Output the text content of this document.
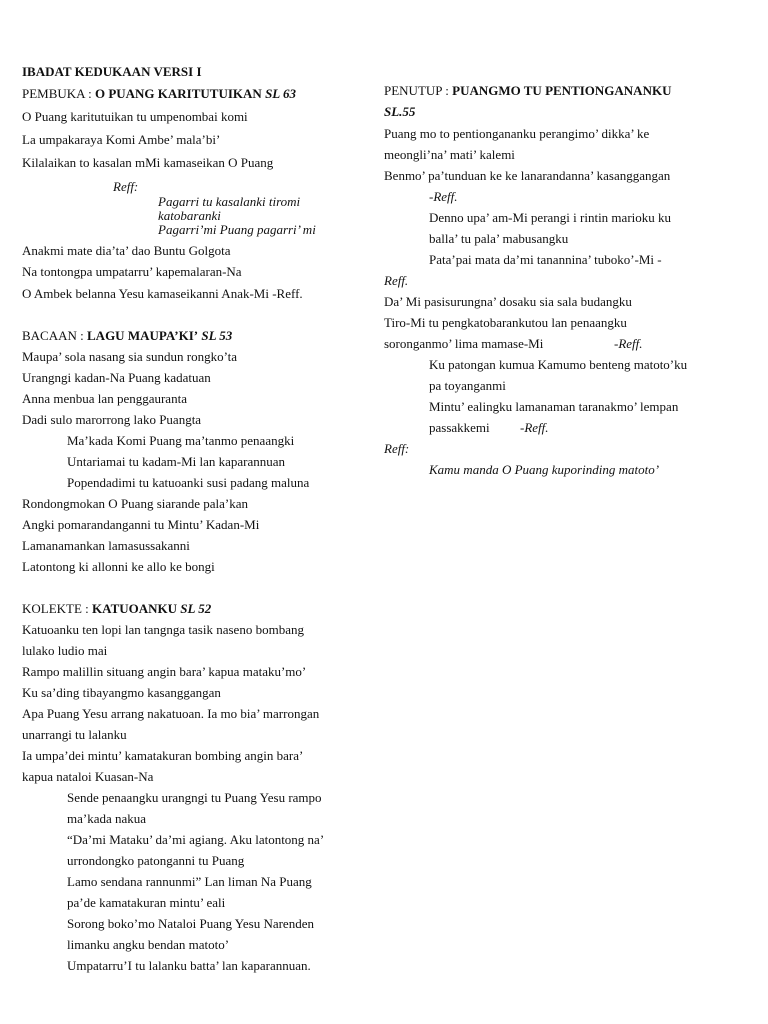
IBADAT KEDUKAAN VERSI I
PEMBUKA : O PUANG KARITUTUIKAN SL 63
O Puang karitutuikan tu umpenombai komi
La umpakaraya Komi Ambe’ mala’bi’
Kilalaikan to kasalan mMi kamaseikan O Puang
Reff:
Pagarri tu kasalanki tiromi
katobaranki
Pagarri’mi Puang pagarri’ mi
Anakmi mate dia’ta’ dao Buntu Golgota
Na tontongpa umpatarru’ kapemalaran-Na
O Ambek belanna Yesu kamaseikanni Anak-Mi -Reff.
BACAAN : LAGU MAUPA’KI’ SL 53
Maupa’ sola nasang sia sundun rongko’ta
Urangngi kadan-Na Puang kadatuan
Anna menbua lan penggauranta
Dadi sulo marorrong lako Puangta
Ma’kada Komi Puang ma’tanmo penaangki
Untariamai tu kadam-Mi lan kaparannuan
Popendadimi tu katuoanki susi padang maluna
Rondongmokan O Puang siarande pala’kan
Angki pomarandanganni tu Mintu’ Kadan-Mi
Lamanamankan lamasussakanni
Latontong ki allonni ke allo ke bongi
KOLEKTE : KATUOANKU SL 52
Katuoanku ten lopi lan tangnga tasik naseno bombang
lulako ludio mai
Rampo malillin situang angin bara’ kapua mataku’mo’
Ku sa’ding tibayangmo kasanggangan
Apa Puang Yesu arrang nakatuoan. Ia mo bia’ marrongan
unarrangi tu lalanku
Ia umpa’dei mintu’ kamatakuran bombing angin bara’
kapua nataloi Kuasan-Na
Sende penaangku urangngi tu Puang Yesu rampo
ma’kada nakua
“Da’mi Mataku’ da’mi agiang. Aku latontong na’
urrondongko patonganni tu Puang
Lamo sendana rannunmi” Lan liman Na Puang
pa’de kamatakuran mintu’ eali
Sorong boko’mo Nataloi Puang Yesu Narenden
limanku angku bendan matoto’
Umpatarru’I tu lalanku batta’ lan kaparannuan.
PENUTUP : PUANGMO TU PENTIONGANANKU
SL.55
Puang mo to pentionganan​ku perangimo’ dikka’ ke
meongli’na’ mati’ kalemi
Benmo’ pa’tunduan ke ke lanarandanna’ kasanggangan
-Reff.
Denno upa’ am-Mi perangi i rintin marioku ku
balla’ tu pala’ mabusangku
Pata’pai mata da’mi tanannina’ tuboko’-Mi -
Reff.
Da’ Mi pasisurungna’ dosaku sia sala budangku
Tiro-Mi tu pengkatobarankutou lan penaangku
soronganmo’ lima mamase-Mi	-Reff.
Ku patongan kumua Kamumo benteng matoto’ku
pa toyanganmi
Mintu’ ealingku lamanaman taranakmo’ lempan
passakkemi -Reff.
Reff:
Kamu manda O Puang kuporinding matoto’
